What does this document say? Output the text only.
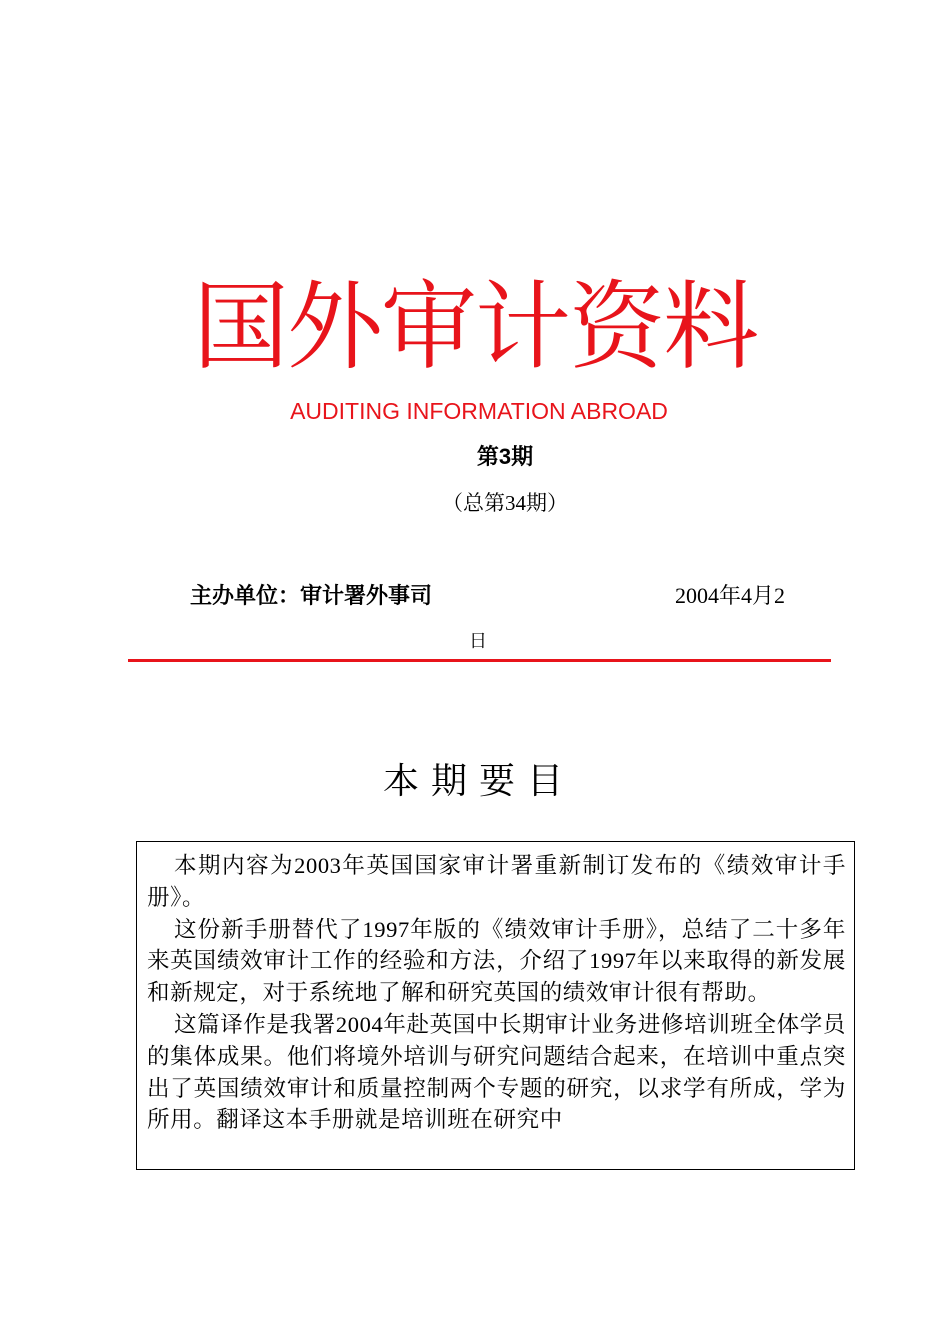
国外审计资料
AUDITING INFORMATION ABROAD
第3期
（总第34期）
主办单位：审计署外事司	2004年4月2
日
本期要目

本期内容为2003年英国国家审计署重新制订发布的《绩效审计手册》。

这份新手册替代了1997年版的《绩效审计手册》，总结了二十多年来英国绩效审计工作的经验和方法，介绍了1997年以来取得的新发展和新规定，对于系统地了解和研究英国的绩效审计很有帮助。

这篇译作是我署2004年赴英国中长期审计业务进修培训班全体学员的集体成果。他们将境外培训与研究问题结合起来，在培训中重点突出了英国绩效审计和质量控制两个专题的研究，以求学有所成，学为所用。翻译这本手册就是培训班在研究中
